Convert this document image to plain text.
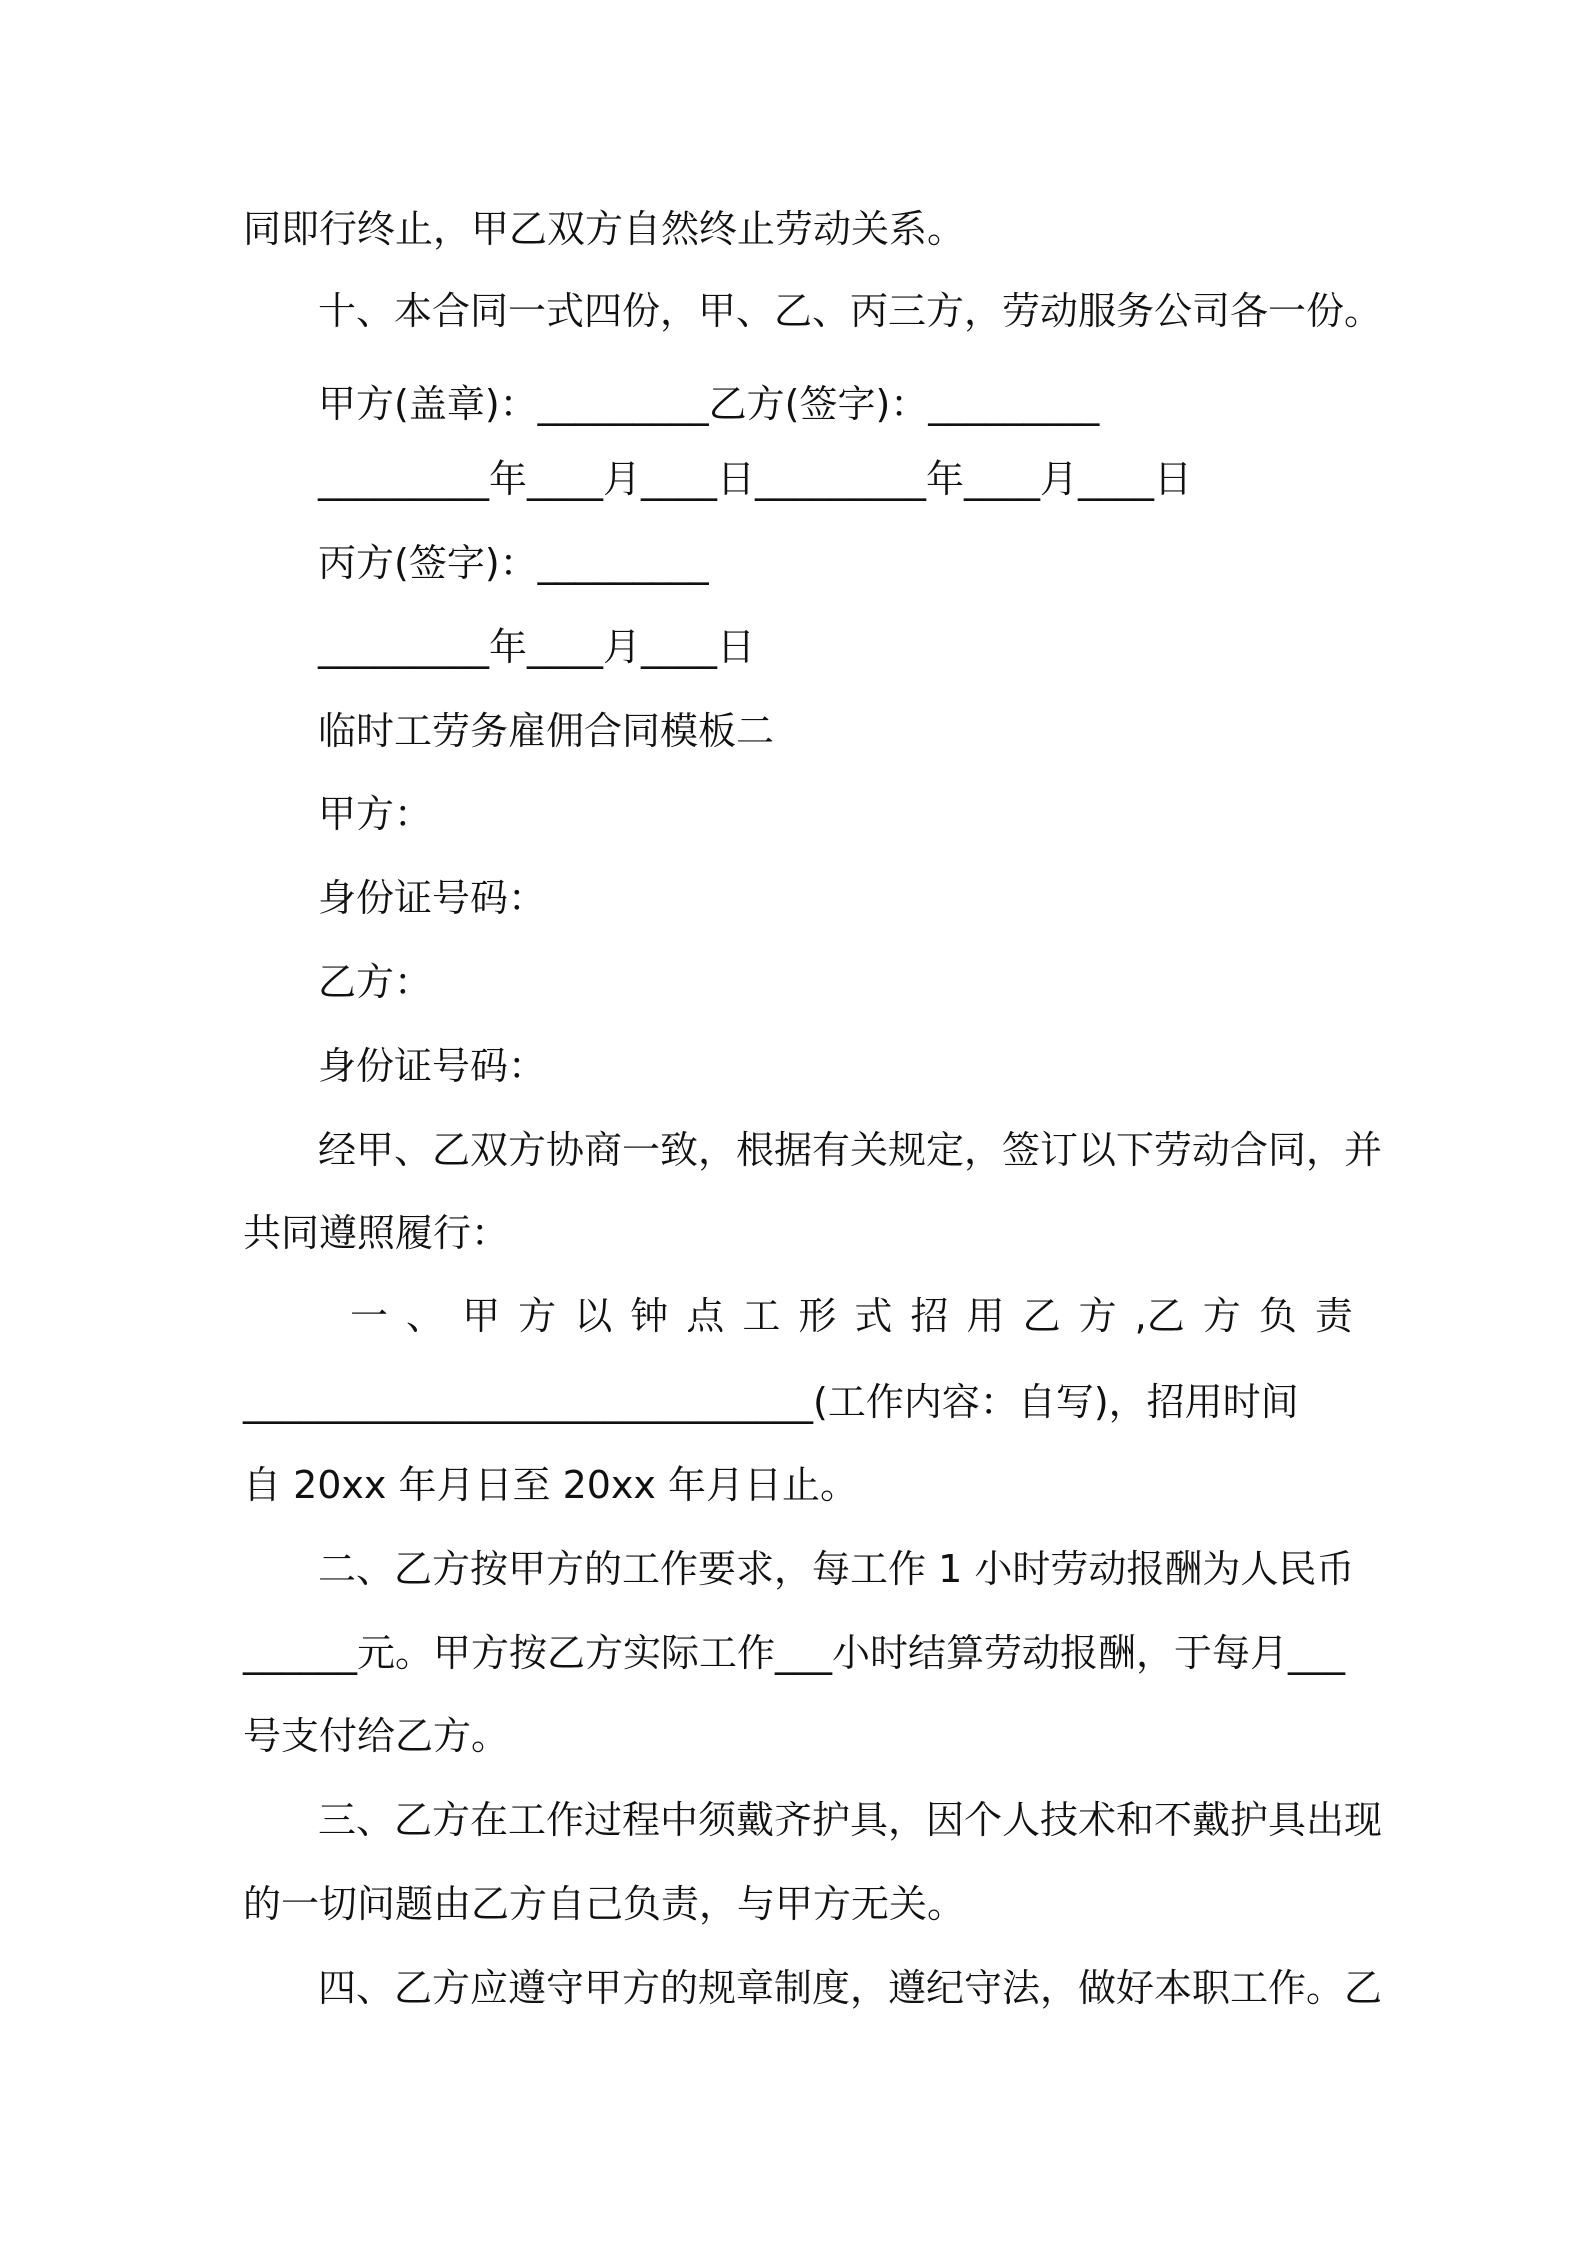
同即行终止，甲乙双方自然终止劳动关系。
十、本合同一式四份，甲、乙、丙三方，劳动服务公司各一份。
甲方(盖章)：_________乙方(签字)：_________
_________年____月____日_________年____月____日
丙方(签字)：_________
_________年____月____日
临时工劳务雇佣合同模板二
甲方：
身份证号码：
乙方：
身份证号码：
经甲、乙双方协商一致，根据有关规定，签订以下劳动合同，并
共同遵照履行：
一 、 甲 方 以 钟 点 工 形 式 招 用 乙 方 ,乙 方 负 责
______________________________(工作内容：自写)，招用时间
自 20xx 年月日至 20xx 年月日止。
二、乙方按甲方的工作要求，每工作 1 小时劳动报酬为人民币
______元。甲方按乙方实际工作___小时结算劳动报酬，于每月___
号支付给乙方。
三、乙方在工作过程中须戴齐护具，因个人技术和不戴护具出现
的一切问题由乙方自己负责，与甲方无关。
四、乙方应遵守甲方的规章制度，遵纪守法，做好本职工作。乙
